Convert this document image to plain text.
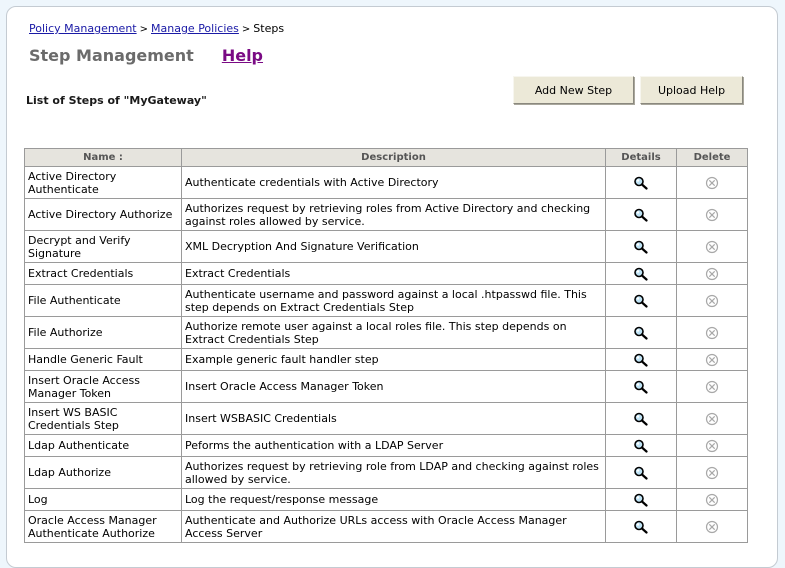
Policy Management > Manage Policies > Steps
Step Management Help
List of Steps of "MyGateway"
Add New Step	Upload Help
Name :	Description	Details	Delete
Active Directory Authenticate	Authenticate credentials with Active Directory		
Active Directory Authorize	Authorizes request by retrieving roles from Active Directory and checking against roles allowed by service.		
Decrypt and Verify Signature	XML Decryption And Signature Verification		
Extract Credentials	Extract Credentials		
File Authenticate	Authenticate username and password against a local .htpasswd file. This step depends on Extract Credentials Step		
File Authorize	Authorize remote user against a local roles file. This step depends on Extract Credentials Step		
Handle Generic Fault	Example generic fault handler step		
Insert Oracle Access Manager Token	Insert Oracle Access Manager Token		
Insert WS BASIC Credentials Step	Insert WSBASIC Credentials		
Ldap Authenticate	Peforms the authentication with a LDAP Server		
Ldap Authorize	Authorizes request by retrieving role from LDAP and checking against roles allowed by service.		
Log	Log the request/response message		
Oracle Access Manager Authenticate Authorize	Authenticate and Authorize URLs access with Oracle Access Manager Access Server		
